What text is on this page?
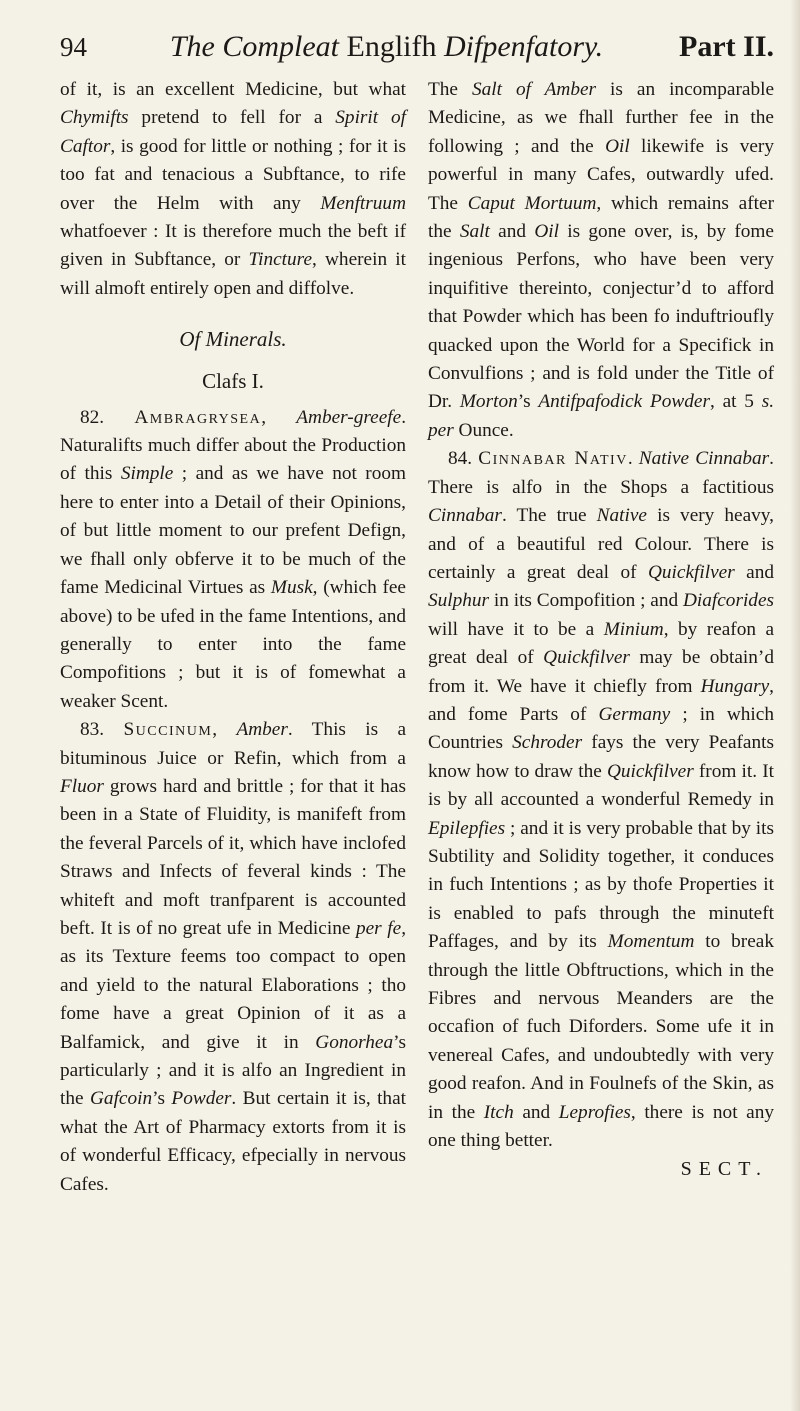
94	The Compleat Englifh Difpenfatory.	Part II.

of it, is an excellent Medicine, but what Chymifts pretend to fell for a Spirit of Caftor, is good for little or nothing ; for it is too fat and tenacious a Subftance, to rife over the Helm with any Menftruum whatfoever : It is therefore much the beft if given in Subftance, or Tincture, wherein it will almoft entirely open and diffolve.

Of Minerals.

Clafs I.

82. Ambragrysea, Amber-greefe. Naturalifts much differ about the Production of this Simple ; and as we have not room here to enter into a Detail of their Opinions, of but little moment to our prefent Defign, we fhall only obferve it to be much of the fame Medicinal Virtues as Musk, (which fee above) to be ufed in the fame Intentions, and generally to enter into the fame Compofitions ; but it is of fomewhat a weaker Scent.

83. Succinum, Amber. This is a bituminous Juice or Refin, which from a Fluor grows hard and brittle ; for that it has been in a State of Fluidity, is manifeft from the feveral Parcels of it, which have inclofed Straws and Infects of feveral kinds : The whiteft and moft tranfparent is accounted beft. It is of no great ufe in Medicine per fe, as its Texture feems too compact to open and yield to the natural Elaborations ; tho fome have a great Opinion of it as a Balfamick, and give it in Gonorhea’s particularly ; and it is alfo an Ingredient in the Gafcoin’s Powder. But certain it is, that what the Art of Pharmacy extorts from it is of wonderful Efficacy, efpecially in nervous Cafes.

The Salt of Amber is an incomparable Medicine, as we fhall further fee in the following ; and the Oil likewife is very powerful in many Cafes, outwardly ufed. The Caput Mortuum, which remains after the Salt and Oil is gone over, is, by fome ingenious Perfons, who have been very inquifitive thereinto, conjectur’d to afford that Powder which has been fo induftrioufly quacked upon the World for a Specifick in Convulfions ; and is fold under the Title of Dr. Morton’s Antifpafodick Powder, at 5 s. per Ounce.

84. Cinnabar Nativ. Native Cinnabar. There is alfo in the Shops a factitious Cinnabar. The true Native is very heavy, and of a beautiful red Colour. There is certainly a great deal of Quickfilver and Sulphur in its Compofition ; and Diafcorides will have it to be a Minium, by reafon a great deal of Quickfilver may be obtain’d from it. We have it chiefly from Hungary, and fome Parts of Germany ; in which Countries Schroder fays the very Peafants know how to draw the Quickfilver from it. It is by all accounted a wonderful Remedy in Epilepfies ; and it is very probable that by its Subtility and Solidity together, it conduces in fuch Intentions ; as by thofe Properties it is enabled to pafs through the minuteft Paffages, and by its Momentum to break through the little Obftructions, which in the Fibres and nervous Meanders are the occafion of fuch Diforders. Some ufe it in venereal Cafes, and undoubtedly with very good reafon. And in Foulnefs of the Skin, as in the Itch and Leprofies, there is not any one thing better.

SECT.
